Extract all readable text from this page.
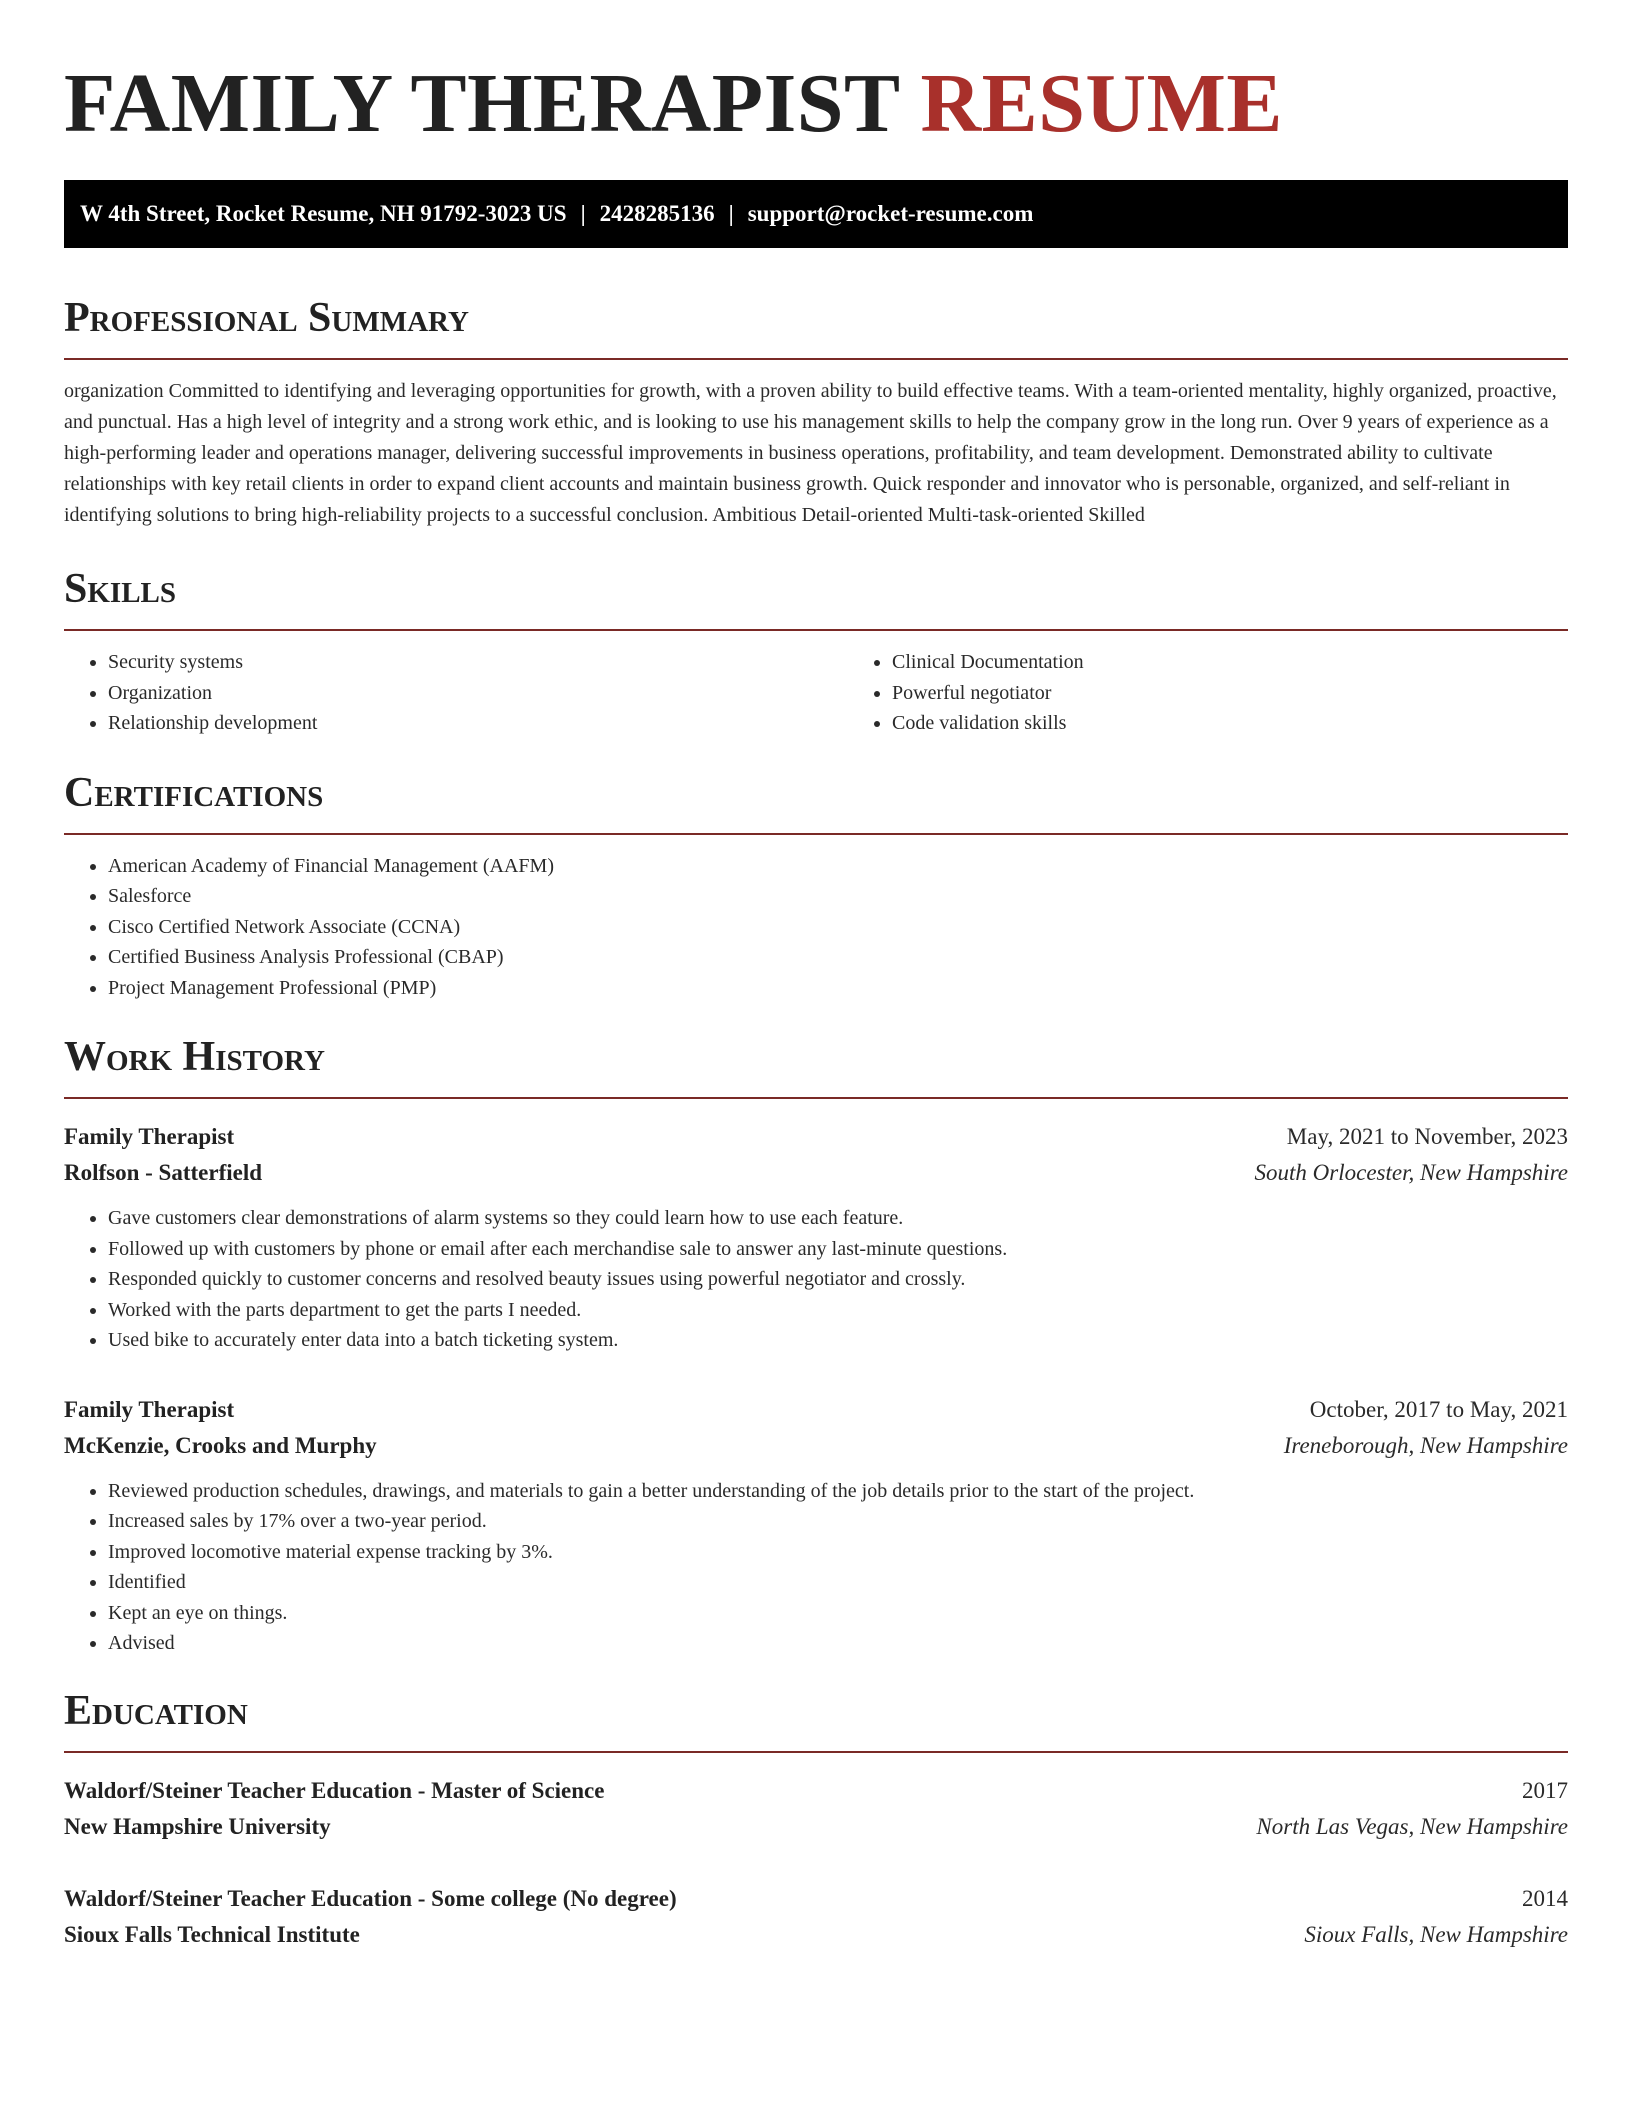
FAMILY THERAPIST RESUME
W 4th Street, Rocket Resume, NH 91792-3023 US | 2428285136 | support@rocket-resume.com
Professional Summary

organization Committed to identifying and leveraging opportunities for growth, with a proven ability to build effective teams. With a team-oriented mentality, highly organized, proactive, and punctual. Has a high level of integrity and a strong work ethic, and is looking to use his management skills to help the company grow in the long run. Over 9 years of experience as a high-performing leader and operations manager, delivering successful improvements in business operations, profitability, and team development. Demonstrated ability to cultivate relationships with key retail clients in order to expand client accounts and maintain business growth. Quick responder and innovator who is personable, organized, and self-reliant in identifying solutions to bring high-reliability projects to a successful conclusion. Ambitious Detail-oriented Multi-task-oriented Skilled

Skills
• Security systems
• Organization
• Relationship development
• Clinical Documentation
• Powerful negotiator
• Code validation skills
Certifications
• American Academy of Financial Management (AAFM)
• Salesforce
• Cisco Certified Network Associate (CCNA)
• Certified Business Analysis Professional (CBAP)
• Project Management Professional (PMP)
Work History
Family Therapist	May, 2021 to November, 2023
Rolfson - Satterfield	South Orlocester, New Hampshire
• Gave customers clear demonstrations of alarm systems so they could learn how to use each feature.
• Followed up with customers by phone or email after each merchandise sale to answer any last-minute questions.
• Responded quickly to customer concerns and resolved beauty issues using powerful negotiator and crossly.
• Worked with the parts department to get the parts I needed.
• Used bike to accurately enter data into a batch ticketing system.
Family Therapist	October, 2017 to May, 2021
McKenzie, Crooks and Murphy	Ireneborough, New Hampshire
• Reviewed production schedules, drawings, and materials to gain a better understanding of the job details prior to the start of the project.
• Increased sales by 17% over a two-year period.
• Improved locomotive material expense tracking by 3%.
• Identified
• Kept an eye on things.
• Advised
Education
Waldorf/Steiner Teacher Education - Master of Science	2017
New Hampshire University	North Las Vegas, New Hampshire
Waldorf/Steiner Teacher Education - Some college (No degree)	2014
Sioux Falls Technical Institute	Sioux Falls, New Hampshire
